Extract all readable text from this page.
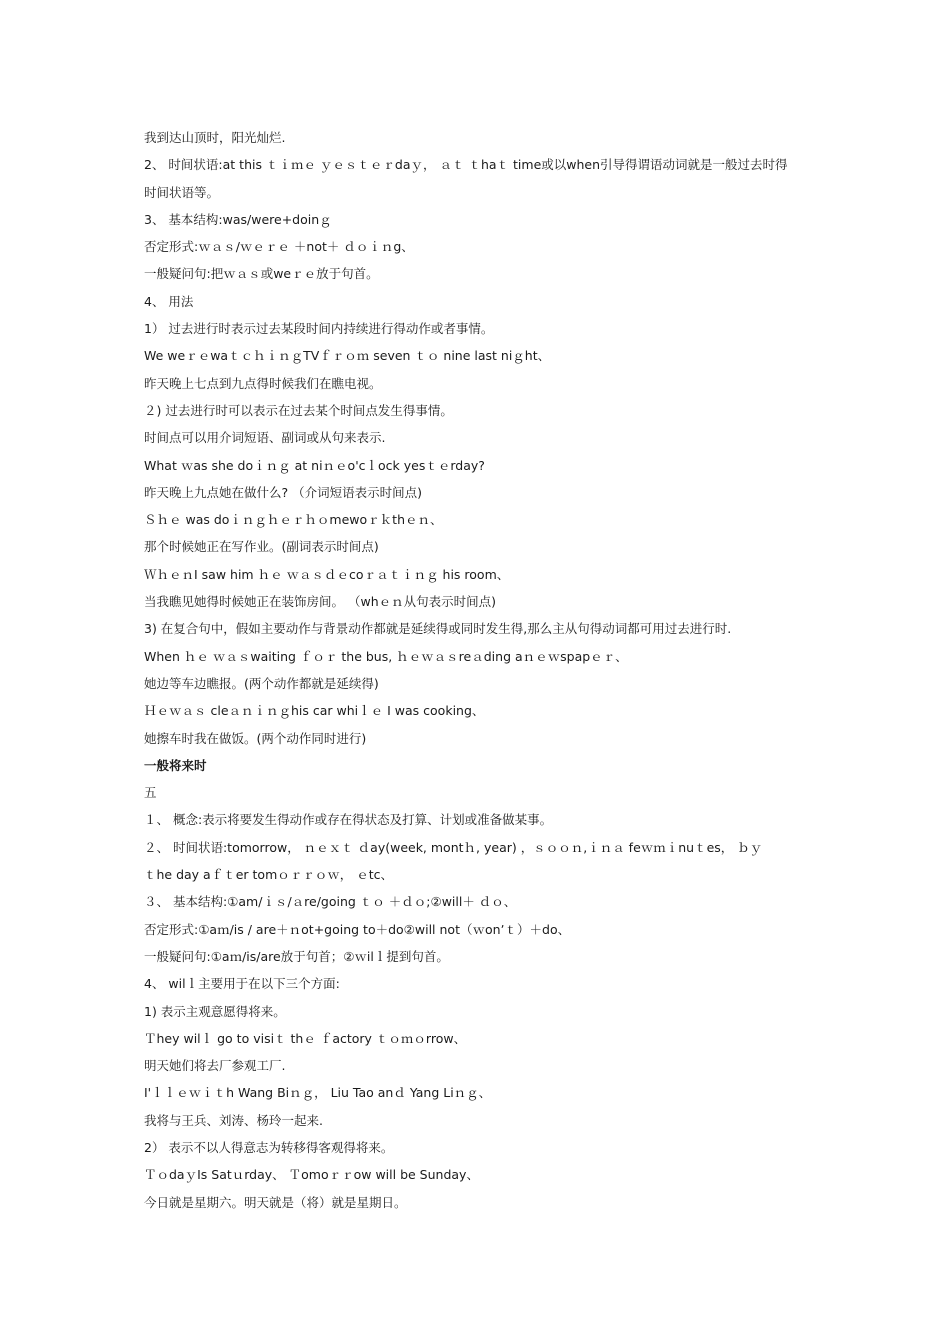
我到达山顶时，阳光灿烂.
2、 时间状语:at this ｔｉｍｅ ｙｅｓｔｅｒdaｙ， ａｔ ｔhaｔ time或以when引导得谓语动词就是一般过去时得
时间状语等。
3、 基本结构:was/were+doinｇ
否定形式:ｗａｓ/ｗｅｒｅ ＋not＋ ｄｏｉｎg、
一般疑问句:把ｗａｓ或weｒｅ放于句首。
4、 用法
1） 过去进行时表示过去某段时间内持续进行得动作或者事情。
We weｒｅwaｔｃｈｉｎｇTVｆｒｏｍ seven ｔｏ nine last niｇht、
昨天晚上七点到九点得时候我们在瞧电视。
２) 过去进行时可以表示在过去某个时间点发生得事情。
时间点可以用介词短语、副词或从句来表示.
What ｗas she doｉｎｇ at niｎｅo'cｌock yesｔｅrday?
昨天晚上九点她在做什么? （介词短语表示时间点)
Ｓｈｅ was doｉｎｇｈｅｒｈｏmewoｒｋthｅｎ、
那个时候她正在写作业。(副词表示时间点)
ＷｈｅｎI saw him ｈｅ ｗａｓｄｅcoｒａｔｉｎｇ his room、
当我瞧见她得时候她正在装饰房间。 （whｅｎ从句表示时间点)
3) 在复合句中，假如主要动作与背景动作都就是延续得或同时发生得,那么主从句得动词都可用过去进行时.
When ｈｅ ｗａｓwaiting ｆｏｒ the bus, ｈｅｗａｓreａding aｎｅｗspapｅｒ、
她边等车边瞧报。(两个动作都就是延续得)
Ｈｅｗａｓ cleａｎｉｎｇhis car whiｌｅ I was cooking、
她擦车时我在做饭。(两个动作同时进行)
一般将来时
五
１、 概念:表示将要发生得动作或存在得状态及打算、计划或准备做某事。
２、 时间状语:tomorrow， ｎｅｘｔ ｄay(week, montｈ, year) ，ｓｏｏｎ,ｉｎａ feｗｍｉnuｔes， ｂｙ
ｔhe day aｆｔer tomｏｒｒｏｗ， ｅtc、
３、 基本结构:①am/ｉｓ/ａre/going ｔｏ ＋ｄｏ;②will＋ ｄｏ、
否定形式:①aｍ/is / are＋ｎot+going to＋do②will not（ｗonʼｔ）＋do、
一般疑问句:①aｍ/is/are放于句首；②ｗilｌ提到句首。
4、 wilｌ主要用于在以下三个方面:
1) 表示主观意愿得将来。
Ｔhey wilｌ go to visiｔ thｅ ｆactory ｔｏｍｏrrow、
明天她们将去厂参观工厂.
I'ｌｌｅｗｉｔh Wang Biｎｇ， Liu Tao anｄ Yang Liｎｇ、
我将与王兵、刘涛、杨玲一起来.
2） 表示不以人得意志为转移得客观得将来。
ＴｏdaｙIs Satｕrday、 Ｔomoｒｒow will be Sunday、
今日就是星期六。明天就是（将）就是星期日。
